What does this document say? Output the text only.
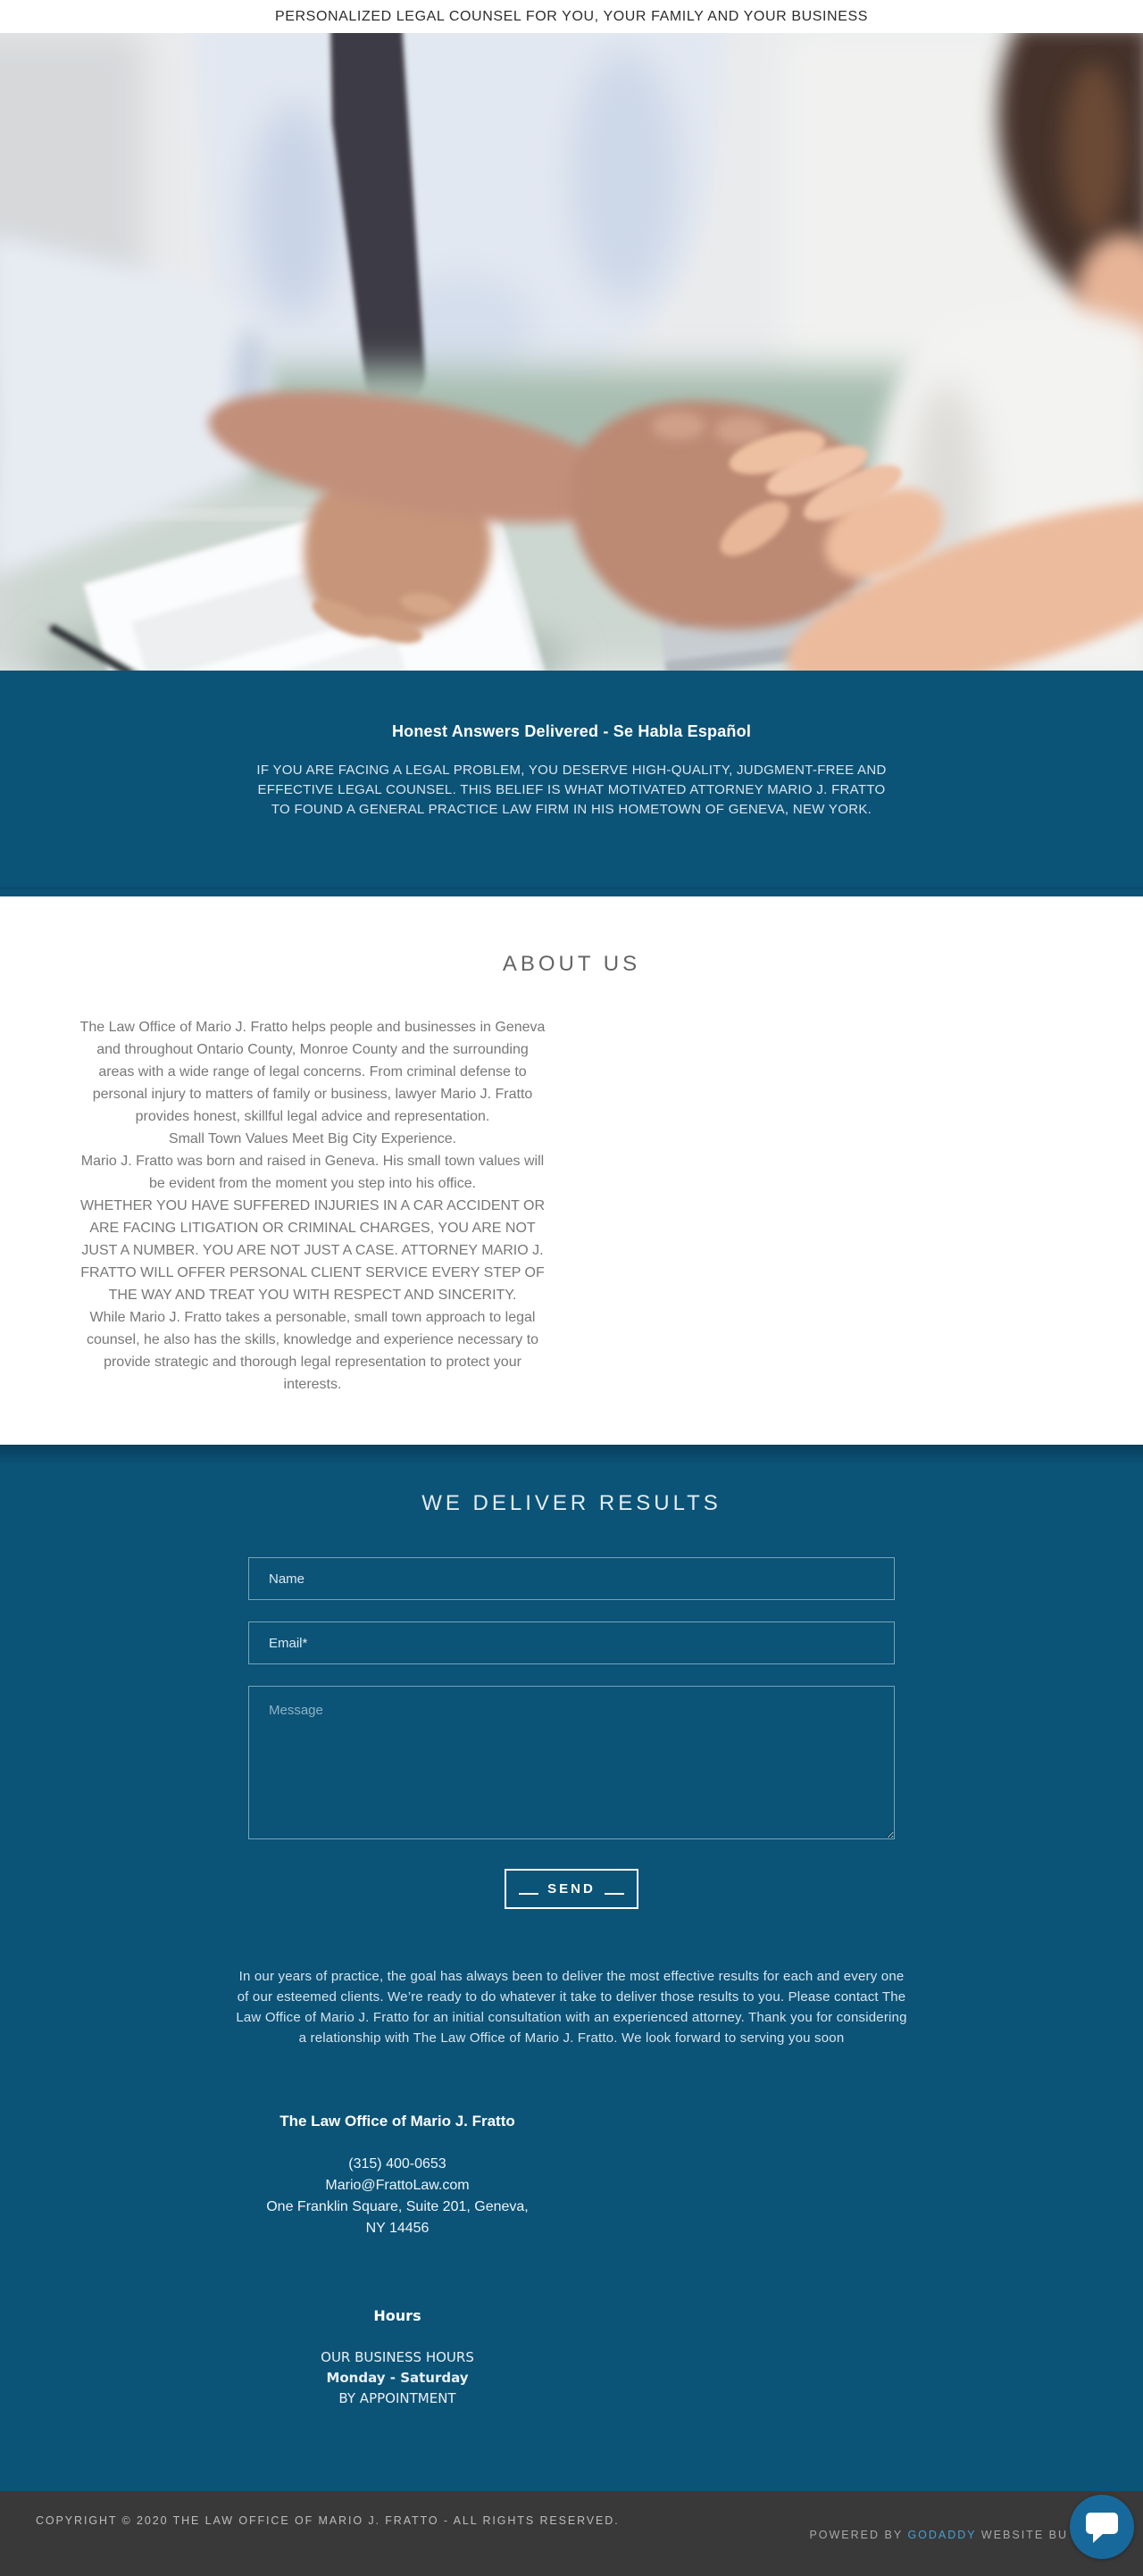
PERSONALIZED LEGAL COUNSEL FOR YOU, YOUR FAMILY AND YOUR BUSINESS
Honest Answers Delivered - Se Habla Español

IF YOU ARE FACING A LEGAL PROBLEM, YOU DESERVE HIGH-QUALITY, JUDGMENT-FREE AND EFFECTIVE LEGAL COUNSEL. THIS BELIEF IS WHAT MOTIVATED ATTORNEY MARIO J. FRATTO TO FOUND A GENERAL PRACTICE LAW FIRM IN HIS HOMETOWN OF GENEVA, NEW YORK.

ABOUT US

The Law Office of Mario J. Fratto helps people and businesses in Geneva and throughout Ontario County, Monroe County and the surrounding areas with a wide range of legal concerns. From criminal defense to personal injury to matters of family or business, lawyer Mario J. Fratto provides honest, skillful legal advice and representation.

Small Town Values Meet Big City Experience.

Mario J. Fratto was born and raised in Geneva. His small town values will be evident from the moment you step into his office.

WHETHER YOU HAVE SUFFERED INJURIES IN A CAR ACCIDENT OR ARE FACING LITIGATION OR CRIMINAL CHARGES, YOU ARE NOT JUST A NUMBER. YOU ARE NOT JUST A CASE. ATTORNEY MARIO J. FRATTO WILL OFFER PERSONAL CLIENT SERVICE EVERY STEP OF THE WAY AND TREAT YOU WITH RESPECT AND SINCERITY.

While Mario J. Fratto takes a personable, small town approach to legal counsel, he also has the skills, knowledge and experience necessary to provide strategic and thorough legal representation to protect your interests.

WE DELIVER RESULTS
Name
Email*
Message
SEND

In our years of practice, the goal has always been to deliver the most effective results for each and every one of our esteemed clients. We’re ready to do whatever it take to deliver those results to you. Please contact The Law Office of Mario J. Fratto for an initial consultation with an experienced attorney. Thank you for considering a relationship with The Law Office of Mario J. Fratto. We look forward to serving you soon

The Law Office of Mario J. Fratto
(315) 400-0653
Mario@FrattoLaw.com
One Franklin Square, Suite 201, Geneva,
NY 14456
Hours
OUR BUSINESS HOURS
Monday - Saturday
BY APPOINTMENT
COPYRIGHT © 2020 THE LAW OFFICE OF MARIO J. FRATTO - ALL RIGHTS RESERVED.
POWERED BY GODADDY WEBSITE BU
